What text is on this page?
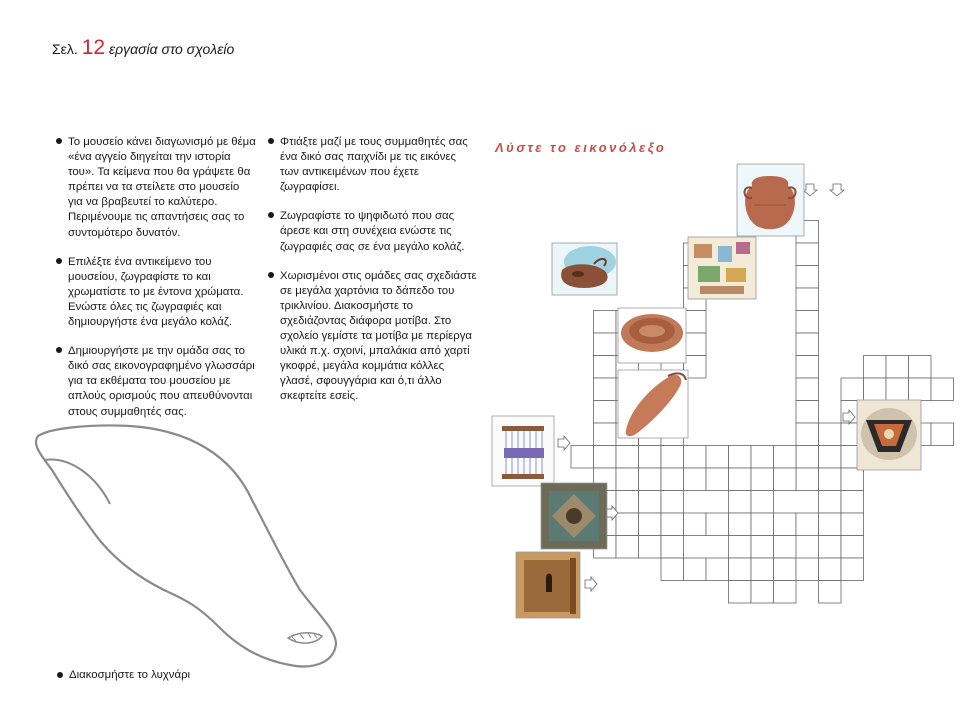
Σελ. 12 εργασία στο σχολείο

Το μουσείο κάνει διαγωνισμό με θέμα «ένα αγγείο διηγείται την ιστορία του». Τα κείμενα που θα γράψετε θα πρέπει να τα στείλετε στο μουσείο για να βραβευτεί το καλύτερο. Περιμένουμε τις απαντήσεις σας το συντομότερο δυνατόν.

Επιλέξτε ένα αντικείμενο του μουσείου, ζωγραφίστε το και χρωματίστε το με έντονα χρώματα. Ενώστε όλες τις ζωγραφιές και δημιουργήστε ένα μεγάλο κολάζ.

Δημιουργήστε με την ομάδα σας το δικό σας εικονογραφημένο γλωσσάρι για τα εκθέματα του μουσείου με απλούς ορισμούς που απευθύνονται στους συμμαθητές σας.

Φτιάξτε μαζί με τους συμμαθητές σας ένα δικό σας παιχνίδι με τις εικόνες των αντικειμένων που έχετε ζωγραφίσει.

Ζωγραφίστε το ψηφιδωτό που σας άρεσε και στη συνέχεια ενώστε τις ζωγραφιές σας σε ένα μεγάλο κολάζ.

Χωρισμένοι στις ομάδες σας σχεδιάστε σε μεγάλα χαρτόνια το δάπεδο του τρικλινίου. Διακοσμήστε το σχεδιάζοντας διάφορα μοτίβα. Στο σχολείο γεμίστε τα μοτίβα με περίεργα υλικά π.χ. σχοινί, μπαλάκια από χαρτί γκοφρέ, μεγάλα κομμάτια κόλλες γλασέ, σφουγγάρια και ό,τι άλλο σκεφτείτε εσείς.

Διακοσμήστε το λυχνάρι
Λύστε το εικονόλεξο
